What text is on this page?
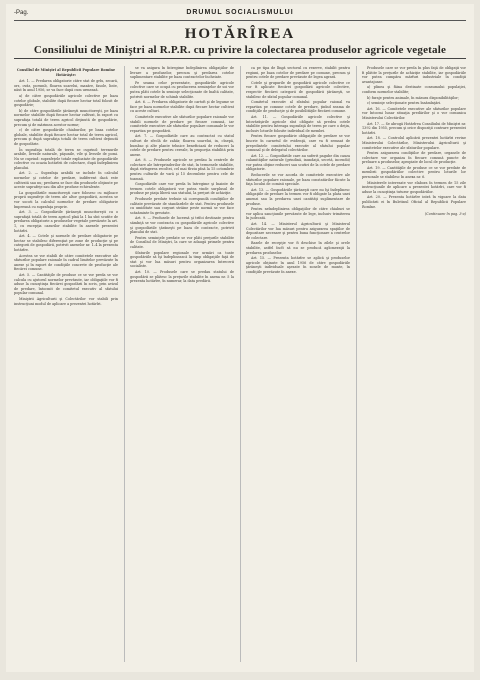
-Pag.	DRUMUL SOCIALISMULUI
HOTĂRÎREA
Consiliului de Miniştri al R.P.R. cu privire la colectarea produselor agricole vegetale

Consiliul de Miniştri al Republicii Populare Romîne Hotărăşte:

Art. 1. — Predarea obligatorie către stat de grîu, secară, orz, ovăz, porumb, floarea soarelui, mazăre, fasole, linte, năut în anul 1956, se va face după cum urmează.

a) de către gospodăriile agricole colective pe baza cotelor globale, stabilite după fiecare hectar total folosit de gospodărie;

b) de către gospodăriile ţărăneşti muncitoreşti, pe baza normelor stabilite după fiecare hectar cultivat, în raport cu suprafaţa totală de teren agricol deţinută de gospodărie, precum şi de mărimea acestor norme;

c) de către gospodăriile chiaburilor, pe baza cotelor globale, stabilite după fiecare hectar total de teren agricol, precum şi după suprafaţa totală de teren cultivat deţinută de gospodărie.

În suprafaţa totală de teren se cuprind: terenurile arabile, livezile naturale, păşunile, vile şi livezile de pomi. Nu se cuprind: suprafeţele totale exploatate de gospodăriile colective cu ocazia hotărîrii de colectare, după îndeplinirea planului.

Art. 2. — Suprafaţa arabilă se include în calculul normelor şi cotelor de predare, indiferent dacă este cultivată sau nu; predarea se face din produsele obţinute pe aceste suprafeţe sau din alte produse echivalente.

La gospodăriile muncitoreşti care folosesc cu mijloace proprii suprafeţe de teren ale altor gospodării, acestea se vor socoti la calculul normelor de predare obligatorie împreună cu suprafaţa proprie.

Art. 3. — Gospodăriile ţărăneşti muncitoreşti cu o suprafaţă totală de teren agricol pînă la 1 ha sînt scutite de predarea obligatorie a produselor vegetale prevăzute la art. 1, cu excepţia cazurilor stabilite în anexele prezentei hotărîri.

Art. 4. — Cotele şi normele de predare obligatorie pe hectar se stabilesc diferenţiat pe zone de producţie şi pe categorii de gospodării, potrivit anexelor nr. 1–4 la prezenta hotărîre.

Acestea se vor stabili de către comitetele executive ale sfaturilor populare raionale în cadrul limitelor prevăzute în anexe şi în raport de condiţiile concrete de producţie ale fiecărei comune.

Art. 5. — Cantităţile de produse ce se vor preda se vor calcula cu ajutorul normelor prevăzute, iar obligaţiile vor fi aduse la cunoştinţa fiecărei gospodării în scris, prin avizul de predare, întocmit de comitetul executiv al sfatului popular comunal.

Miniştrii Agriculturii şi Colectărilor vor stabili prin instrucţiuni modul de aplicare a prezentei hotărîri.

se va asigura în întregime îndeplinirea obligaţiilor de livrare a produselor, precum şi predarea cotelor suplimentare stabilite pe baza contractelor încheiate.

Pe seama celor prezentate, gospodăriile agricole colective care se ocupă cu producerea seminţelor de soi vor putea plăti cotele în seminţe selecţionate de înaltă calitate, potrivit normelor de schimb stabilite.

Art. 6. — Predarea obligatorie de cartofi şi de legume se face pe baza normelor stabilite după fiecare hectar cultivat cu aceste culturi.

Comitetele executive ale sfaturilor populare raionale vor stabili normele de predare pe fiecare comună, iar comitetele executive ale sfaturilor populare comunale le vor repartiza pe gospodării.

Art. 7. — Gospodăriile care au contractat cu statul culturi de sfeclă de zahăr, floarea soarelui, in, cînepă, bumbac şi alte plante tehnice beneficiază de reduceri la cotele de predare pentru cereale, în proporţia stabilită prin anexe.

Art. 8. — Produsele agricole se predau la centrele de colectare ale întreprinderilor de stat, în termenele stabilite, după strîngerea recoltei, cel mai tîrziu pînă la 15 octombrie pentru culturile de vară şi 15 decembrie pentru cele de toamnă.

Gospodăriile care vor preda în întregime şi înainte de termen cotele obligatorii vor putea vinde surplusul de produse pe piaţa liberă sau statului, la preţuri de achiziţie.

Produsele predate trebuie să corespundă condiţiilor de calitate prevăzute de standardele de stat. Pentru produsele cu umiditate sau corpuri străine peste normă se vor face scăzăminte în greutate.

Art. 9. — Produsele de lucernă şi trifoi destinate pentru sămînţă se vor contracta cu gospodăriile agricole colective şi gospodăriile ţărăneşti pe baza de contracte, potrivit planului de stat.

Pentru seminţele predate se vor plăti preţurile stabilite de Consiliul de Miniştri, la care se adaugă primele pentru calitate.

Sfaturile populare regionale vor urmări ca toate gospodăriile să îşi îndeplinească la timp obligaţiile faţă de stat şi vor lua măsuri pentru organizarea întrecerii socialiste.

Art. 10. — Produsele care se predau statului de gospodării se plătesc la preţurile stabilite în anexa nr. 5 la prezenta hotărîre, în numerar, la data predării.

ca pe tipa de lîngă sectorul cu rezerve, stabilit pentru regiuni, pe baza cotelor de predare pe comune, precum şi pentru cotele de predare prevăzute de legea agrară.

Cotele şi grupurile de gospodării agricole colective ce vor fi aplicate fiecărei gospodării agricole colective, respectiv fiecărei categorii de gospodării ţărăneşti, se stabilesc de sfatul popular comunal.

Comitetul executiv al sfatului popular raional va repartiza pe comune cotele de predare, ţinînd seama de condiţiile de producţie şi de posibilităţile fiecărei comune.

Art. 11. — Gospodăriile agricole colective şi întovărăşirile agricole sînt obligate să predea cotele stabilite pentru întreaga suprafaţă de teren pe care o deţin, inclusiv loturile folosite individual de membri.

Pentru fiecare gospodărie obligaţiile de predare se vor înscrie în carnetul de evidenţă, care va fi semnat de preşedintele comitetului executiv al sfatului popular comunal şi de delegatul colectărilor.

Art. 12. — Gospodăriile care au suferit pagube din cauza calamităţilor naturale (grindină, inundaţii, secetă, incendii) vor putea obţine reduceri sau scutiri de la cotele de predare obligatorie.

Reducerile se vor acorda de comitetele executive ale sfaturilor populare raionale, pe baza constatărilor făcute la faţa locului de comisii speciale.

Art. 13. — Gospodăriile ţărăneşti care nu îşi îndeplinesc obligaţiile de predare la termen vor fi obligate la plata unei amenzi sau la predarea unei cantităţi suplimentare de produse.

Pentru neîndeplinirea obligaţiilor de către chiaburi se vor aplica sancţiunile prevăzute de lege, inclusiv trimiterea în judecată.

Art. 14. — Ministerul Agriculturii şi Ministerul Colectărilor vor lua măsuri pentru asigurarea spaţiilor de depozitare necesare şi pentru buna funcţionare a centrelor de colectare.

Bazele de recepţie vor fi deschise în zilele şi orele stabilite, astfel încît să nu se producă aglomeraţii la predarea produselor.

Art. 15. — Prezenta hotărîre se aplică şi produselor agricole obţinute în anul 1956 de către gospodăriile ţărăneşti individuale aşezate în zonele de munte, în condiţiile prevăzute în anexe.

Produsele care se vor preda în plus faţă de obligaţii vor fi plătite la preţurile de achiziţie stabilite, iar gospodăriile vor putea cumpăra mărfuri industriale în condiţii avantajoase.

a) pîinea şi făina destinate consumului populaţiei, conform normelor stabilite;

b) furaje pentru animale, în măsura disponibilităţilor;

c) seminţe selecţionate pentru însămînţări.

Art. 16. — Comitetele executive ale sfaturilor populare vor întocmi lunar situaţia predărilor şi o vor comunica Ministerului Colectărilor.

Art. 17. — Se abrogă Hotărîrea Consiliului de Miniştri nr. 1392 din 1955, precum şi orice dispoziţii contrare prezentei hotărîri.

Art. 18. — Controlul aplicării prezentei hotărîri revine Ministerului Colectărilor, Ministerului Agriculturii şi comitetelor executive ale sfaturilor populare.

Pentru asigurarea condiţiilor de predare, organele de colectare vor organiza în fiecare comună puncte de preluare a produselor, apropiate de locul de producţie.

Art. 19. — Cantităţile de produse ce se vor predate de membrii gospodăriilor colective pentru loturile lor personale se stabilesc în anexa nr. 6.

Ministerele interesate vor elabora în termen de 15 zile instrucţiunile de aplicare a prezentei hotărîri, care vor fi aduse la cunoştinţa tuturor gospodăriilor.

Art. 20. — Prezenta hotărîre intră în vigoare la data publicării ei în Buletinul Oficial al Republicii Populare Romîne.

(Continuare în pag. 3-a)
